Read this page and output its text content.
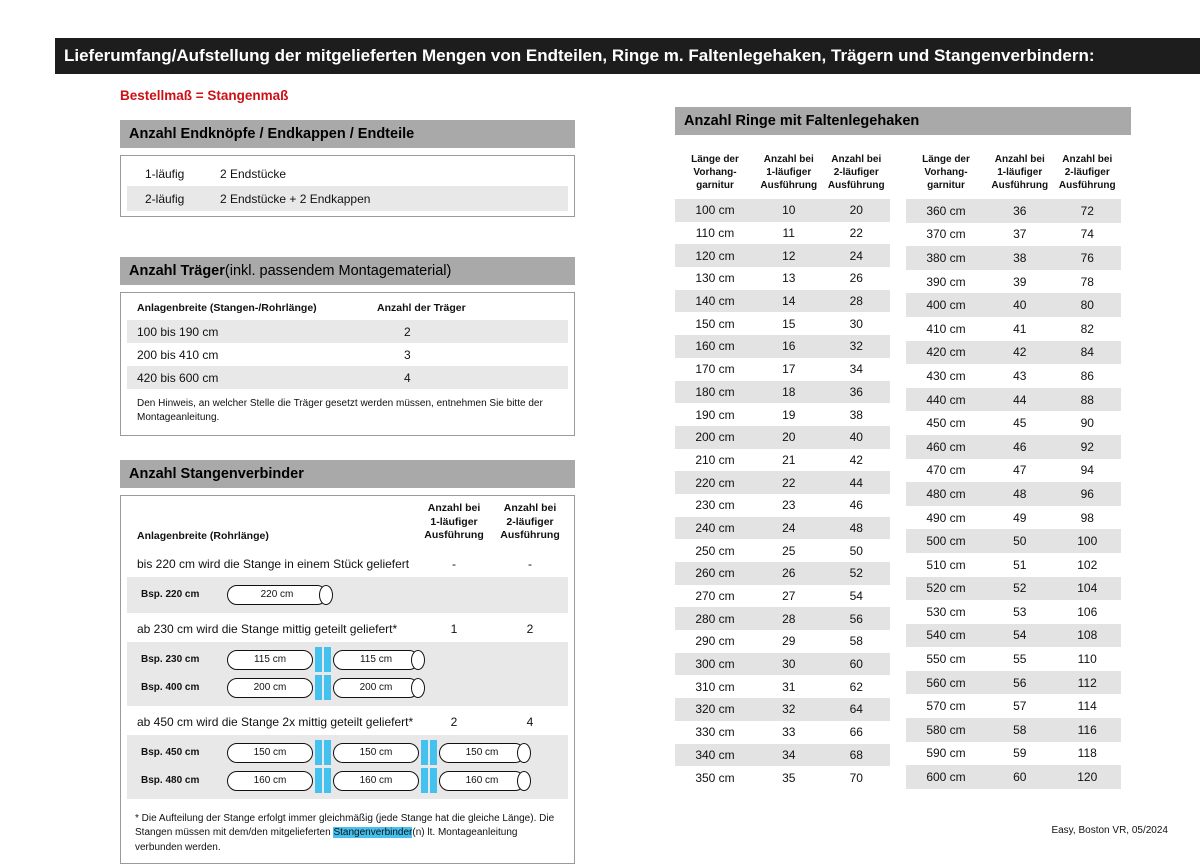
Lieferumfang/Aufstellung der mitgelieferten Mengen von Endteilen, Ringe m. Faltenlegehaken, Trägern und Stangenverbindern:
Bestellmaß = Stangenmaß
Anzahl Endknöpfe / Endkappen / Endteile
1-läufig	2 Endstücke
2-läufig	2 Endstücke + 2 Endkappen
Anzahl Träger (inkl. passendem Montagematerial)
Anlagenbreite (Stangen-/Rohrlänge)	Anzahl der Träger
100 bis 190 cm	2
200 bis 410 cm	3
420 bis 600 cm	4
Den Hinweis, an welcher Stelle die Träger gesetzt werden müssen, entnehmen Sie bitte der Montageanleitung.
Anzahl Stangenverbinder
Anlagenbreite (Rohrlänge)
Anzahl bei
1-läufiger
Ausführung
Anzahl bei
2-läufiger
Ausführung
bis 220 cm wird die Stange in einem Stück geliefert	-	-
Bsp. 220 cm	220 cm
ab 230 cm wird die Stange mittig geteilt geliefert*	1	2
Bsp. 230 cm	115 cm	115 cm
Bsp. 400 cm	200 cm	200 cm
ab 450 cm wird die Stange 2x mittig geteilt geliefert*	2	4
Bsp. 450 cm	150 cm	150 cm	150 cm
Bsp. 480 cm	160 cm	160 cm	160 cm
* Die Aufteilung der Stange erfolgt immer gleichmäßig (jede Stange hat die gleiche Länge). Die Stangen müssen mit dem/den mitgelieferten Stangenverbinder(n) lt. Montageanleitung verbunden werden.
Anzahl Ringe mit Faltenlegehaken
Länge der
Vorhang-
garnitur	Anzahl bei
1-läufiger
Ausführung	Anzahl bei
2-läufiger
Ausführung
100 cm	10	20
110 cm	11	22
120 cm	12	24
130 cm	13	26
140 cm	14	28
150 cm	15	30
160 cm	16	32
170 cm	17	34
180 cm	18	36
190 cm	19	38
200 cm	20	40
210 cm	21	42
220 cm	22	44
230 cm	23	46
240 cm	24	48
250 cm	25	50
260 cm	26	52
270 cm	27	54
280 cm	28	56
290 cm	29	58
300 cm	30	60
310 cm	31	62
320 cm	32	64
330 cm	33	66
340 cm	34	68
350 cm	35	70
Länge der
Vorhang-
garnitur	Anzahl bei
1-läufiger
Ausführung	Anzahl bei
2-läufiger
Ausführung
360 cm	36	72
370 cm	37	74
380 cm	38	76
390 cm	39	78
400 cm	40	80
410 cm	41	82
420 cm	42	84
430 cm	43	86
440 cm	44	88
450 cm	45	90
460 cm	46	92
470 cm	47	94
480 cm	48	96
490 cm	49	98
500 cm	50	100
510 cm	51	102
520 cm	52	104
530 cm	53	106
540 cm	54	108
550 cm	55	110
560 cm	56	112
570 cm	57	114
580 cm	58	116
590 cm	59	118
600 cm	60	120
Easy, Boston VR, 05/2024
